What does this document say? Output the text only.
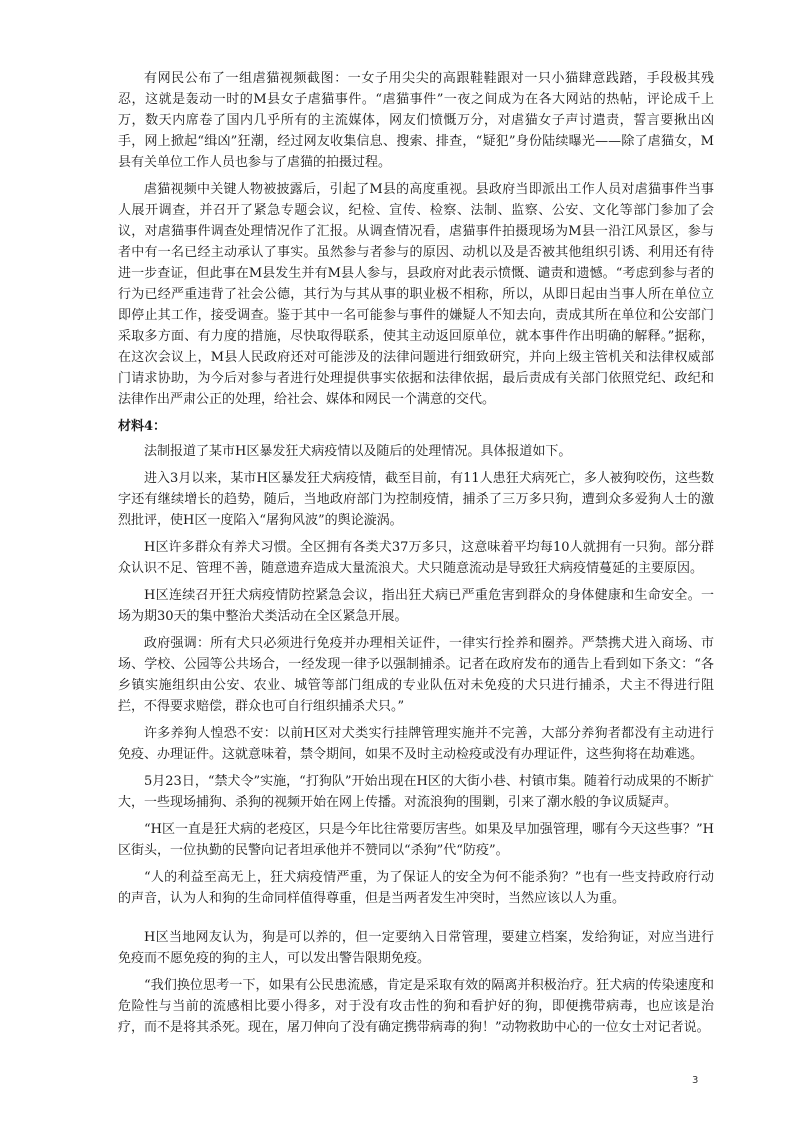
有网民公布了一组虐猫视频截图：一女子用尖尖的高跟鞋鞋跟对一只小猫肆意践踏，手段极其残忍，这就是轰动一时的M县女子虐猫事件。“虐猫事件”一夜之间成为在各大网站的热帖，评论成千上万，数天内席卷了国内几乎所有的主流媒体，网友们愤慨万分，对虐猫女子声讨遣责，誓言要揪出凶手，网上掀起“缉凶”狂潮，经过网友收集信息、搜索、排查，“疑犯”身份陆续曝光——除了虐猫女，M县有关单位工作人员也参与了虐猫的拍摄过程。

虐猫视频中关键人物被披露后，引起了M县的高度重视。县政府当即派出工作人员对虐猫事件当事人展开调查，并召开了紧急专题会议，纪检、宣传、检察、法制、监察、公安、文化等部门参加了会议，对虐猫事件调查处理情况作了汇报。从调查情况看，虐猫事件拍摄现场为M县一沿江风景区，参与者中有一名已经主动承认了事实。虽然参与者参与的原因、动机以及是否被其他组织引诱、利用还有待进一步查证，但此事在M县发生并有M县人参与，县政府对此表示愤慨、谴责和遗憾。“考虑到参与者的行为已经严重违背了社会公德，其行为与其从事的职业极不相称，所以，从即日起由当事人所在单位立即停止其工作，接受调查。鉴于其中一名可能参与事件的嫌疑人不知去向，责成其所在单位和公安部门采取多方面、有力度的措施，尽快取得联系，使其主动返回原单位，就本事件作出明确的解释。”据称，在这次会议上，M县人民政府还对可能涉及的法律问题进行细致研究，并向上级主管机关和法律权威部门请求协助，为今后对参与者进行处理提供事实依据和法律依据，最后责成有关部门依照党纪、政纪和法律作出严肃公正的处理，给社会、媒体和网民一个满意的交代。

材料4：

法制报道了某市H区暴发狂犬病疫情以及随后的处理情况。具体报道如下。

进入3月以来，某市H区暴发狂犬病疫情，截至目前，有11人患狂犬病死亡，多人被狗咬伤，这些数字还有继续增长的趋势，随后，当地政府部门为控制疫情，捕杀了三万多只狗，遭到众多爱狗人士的激烈批评，使H区一度陷入“屠狗风波”的舆论漩涡。

H区许多群众有养犬习惯。全区拥有各类犬37万多只，这意味着平均每10人就拥有一只狗。部分群众认识不足、管理不善，随意遗弃造成大量流浪犬。犬只随意流动是导致狂犬病疫情蔓延的主要原因。

H区连续召开狂犬病疫情防控紧急会议，指出狂犬病已严重危害到群众的身体健康和生命安全。一场为期30天的集中整治犬类活动在全区紧急开展。

政府强调：所有犬只必须进行免疫并办理相关证件，一律实行拴养和圈养。严禁携犬进入商场、市场、学校、公园等公共场合，一经发现一律予以强制捕杀。记者在政府发布的通告上看到如下条文：“各乡镇实施组织由公安、农业、城管等部门组成的专业队伍对未免疫的犬只进行捕杀，犬主不得进行阻拦，不得要求赔偿，群众也可自行组织捕杀犬只。”

许多养狗人惶恐不安：以前H区对犬类实行挂牌管理实施并不完善，大部分养狗者都没有主动进行免疫、办理证件。这就意味着，禁令期间，如果不及时主动检疫或没有办理证件，这些狗将在劫难逃。

5月23日，“禁犬令”实施，“打狗队”开始出现在H区的大街小巷、村镇市集。随着行动成果的不断扩大，一些现场捕狗、杀狗的视频开始在网上传播。对流浪狗的围剿，引来了潮水般的争议质疑声。

“H区一直是狂犬病的老疫区，只是今年比往常要厉害些。如果及早加强管理，哪有今天这些事？”H区街头，一位执勤的民警向记者坦承他并不赞同以“杀狗”代“防疫”。

“人的利益至高无上，狂犬病疫情严重，为了保证人的安全为何不能杀狗？”也有一些支持政府行动的声音，认为人和狗的生命同样值得尊重，但是当两者发生冲突时，当然应该以人为重。

H区当地网友认为，狗是可以养的，但一定要纳入日常管理，要建立档案，发给狗证，对应当进行免疫而不愿免疫的狗的主人，可以发出警告限期免疫。

“我们换位思考一下，如果有公民患流感，肯定是采取有效的隔离并积极治疗。狂犬病的传染速度和危险性与当前的流感相比要小得多，对于没有攻击性的狗和看护好的狗，即便携带病毒，也应该是治疗，而不是将其杀死。现在，屠刀伸向了没有确定携带病毒的狗！”动物救助中心的一位女士对记者说。

3
